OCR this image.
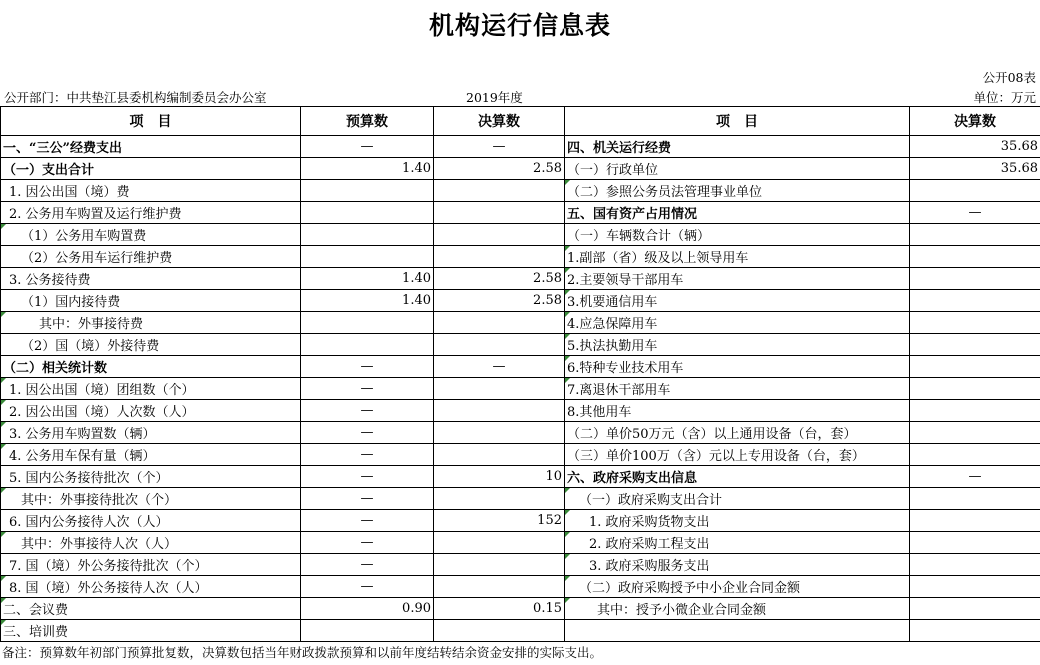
机构运行信息表
公开08表
公开部门：中共垫江县委机构编制委员会办公室	2019年度	单位：万元
项　目	预算数	决算数	项　目	决算数
一、“三公”经费支出	—	—	四、机关运行经费	35.68
（一）支出合计	1.40	2.58	（一）行政单位	35.68
1. 因公出国（境）费			（二）参照公务员法管理事业单位	
2. 公务用车购置及运行维护费			五、国有资产占用情况	—
（1）公务用车购置费			（一）车辆数合计（辆）	
（2）公务用车运行维护费			1.副部（省）级及以上领导用车	
3. 公务接待费	1.40	2.58	2.主要领导干部用车	
（1）国内接待费	1.40	2.58	3.机要通信用车	
其中：外事接待费			4.应急保障用车	
（2）国（境）外接待费			5.执法执勤用车	
（二）相关统计数	—	—	6.特种专业技术用车	
1. 因公出国（境）团组数（个）	—		7.离退休干部用车	
2. 因公出国（境）人次数（人）	—		8.其他用车	
3. 公务用车购置数（辆）	—		（二）单价50万元（含）以上通用设备（台，套）	
4. 公务用车保有量（辆）	—		（三）单价100万（含）元以上专用设备（台，套）	
5. 国内公务接待批次（个）	—	10	六、政府采购支出信息	—
其中：外事接待批次（个）	—		（一）政府采购支出合计	
6. 国内公务接待人次（人）	—	152	1. 政府采购货物支出	
其中：外事接待人次（人）	—		2. 政府采购工程支出	
7. 国（境）外公务接待批次（个）	—		3. 政府采购服务支出	
8. 国（境）外公务接待人次（人）	—		（二）政府采购授予中小企业合同金额	
二、会议费	0.90	0.15	其中：授予小微企业合同金额	
三、培训费				
备注：预算数年初部门预算批复数，决算数包括当年财政拨款预算和以前年度结转结余资金安排的实际支出。
